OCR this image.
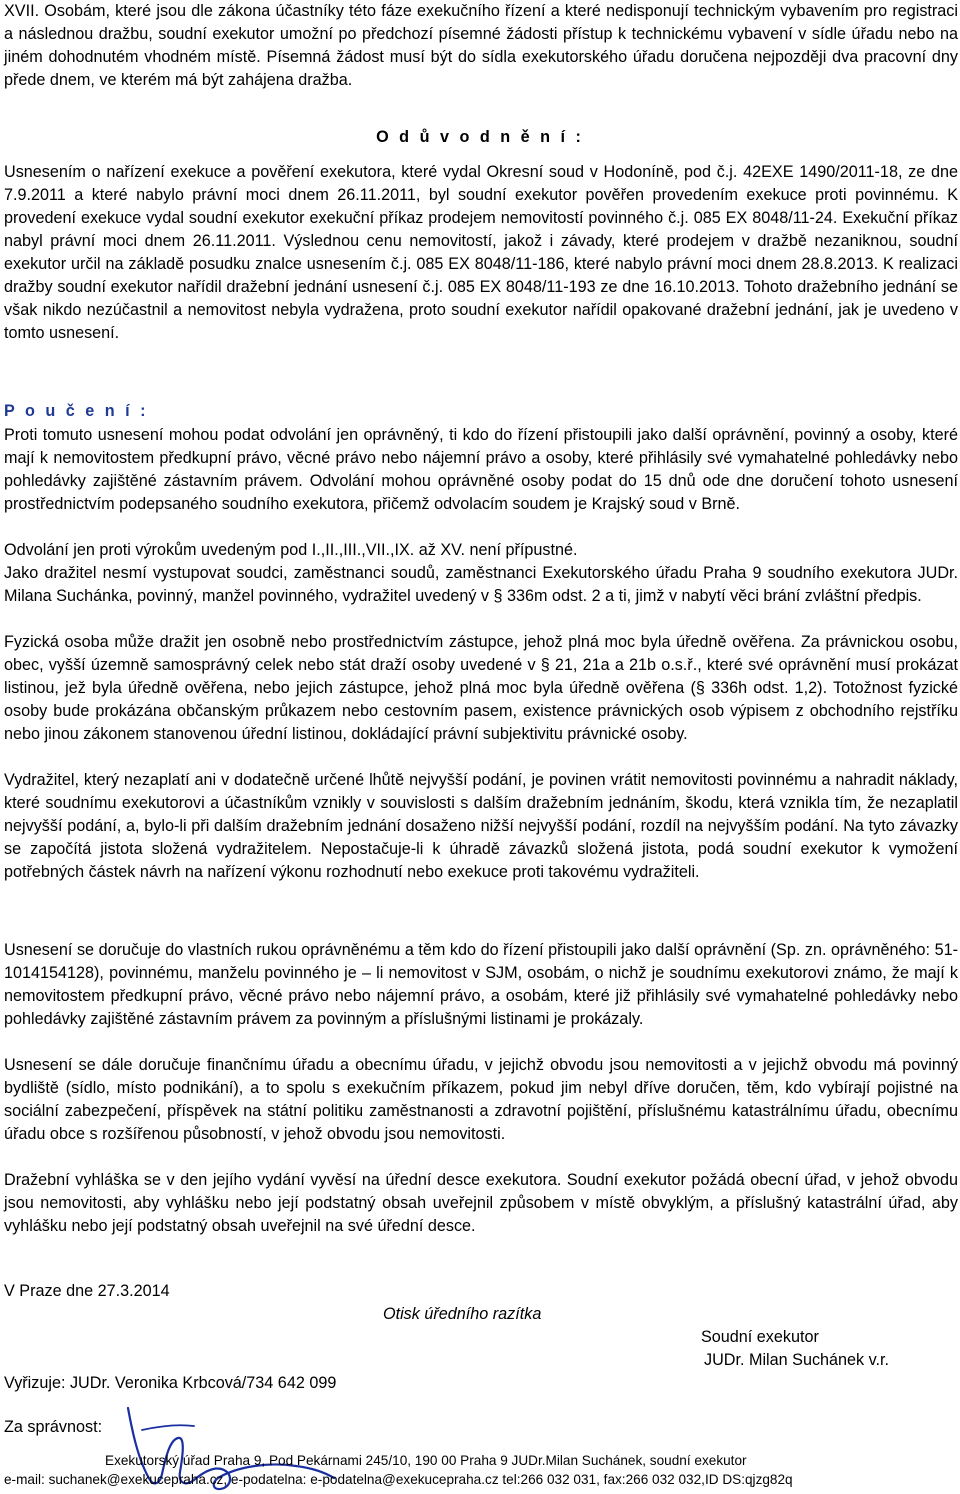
XVII. Osobám, které jsou dle zákona účastníky této fáze exekučního řízení a které nedisponují technickým vybavením pro registraci a následnou dražbu, soudní exekutor umožní po předchozí písemné žádosti přístup k technickému vybavení v sídle úřadu nebo na jiném dohodnutém vhodném místě. Písemná žádost musí být do sídla exekutorského úřadu doručena nejpozději dva pracovní dny přede dnem, ve kterém má být zahájena dražba.

O d ů v o d n ě n í :

Usnesením o nařízení exekuce a pověření exekutora, které vydal Okresní soud v Hodoníně, pod č.j. 42EXE 1490/2011-18, ze dne 7.9.2011 a které nabylo právní moci dnem 26.11.2011, byl soudní exekutor pověřen provedením exekuce proti povinnému. K provedení exekuce vydal soudní exekutor exekuční příkaz prodejem nemovitostí povinného č.j. 085 EX 8048/11-24. Exekuční příkaz nabyl právní moci dnem 26.11.2011. Výslednou cenu nemovitostí, jakož i závady, které prodejem v dražbě nezaniknou, soudní exekutor určil na základě posudku znalce usnesením č.j. 085 EX 8048/11-186, které nabylo právní moci dnem 28.8.2013. K realizaci dražby soudní exekutor nařídil dražební jednání usnesení č.j. 085 EX 8048/11-193 ze dne 16.10.2013. Tohoto dražebního jednání se však nikdo nezúčastnil a nemovitost nebyla vydražena, proto soudní exekutor nařídil opakované dražební jednání, jak je uvedeno v tomto usnesení.

P o u č e n í :

Proti tomuto usnesení mohou podat odvolání jen oprávněný, ti kdo do řízení přistoupili jako další oprávnění, povinný a osoby, které mají k nemovitostem předkupní právo, věcné právo nebo nájemní právo a osoby, které přihlásily své vymahatelné pohledávky nebo pohledávky zajištěné zástavním právem. Odvolání mohou oprávněné osoby podat do 15 dnů ode dne doručení tohoto usnesení prostřednictvím podepsaného soudního exekutora, přičemž odvolacím soudem je Krajský soud v Brně.

Odvolání jen proti výrokům uvedeným pod I.,II.,III.,VII.,IX. až XV. není přípustné.

Jako dražitel nesmí vystupovat soudci, zaměstnanci soudů, zaměstnanci Exekutorského úřadu Praha 9 soudního exekutora JUDr. Milana Suchánka, povinný, manžel povinného, vydražitel uvedený v § 336m odst. 2 a ti, jimž v nabytí věci brání zvláštní předpis.

Fyzická osoba může dražit jen osobně nebo prostřednictvím zástupce, jehož plná moc byla úředně ověřena. Za právnickou osobu, obec, vyšší územně samosprávný celek nebo stát draží osoby uvedené v § 21, 21a a 21b o.s.ř., které své oprávnění musí prokázat listinou, jež byla úředně ověřena, nebo jejich zástupce, jehož plná moc byla úředně ověřena (§ 336h odst. 1,2). Totožnost fyzické osoby bude prokázána občanským průkazem nebo cestovním pasem, existence právnických osob výpisem z obchodního rejstříku nebo jinou zákonem stanovenou úřední listinou, dokládající právní subjektivitu právnické osoby.

Vydražitel, který nezaplatí ani v dodatečně určené lhůtě nejvyšší podání, je povinen vrátit nemovitosti povinnému a nahradit náklady, které soudnímu exekutorovi a účastníkům vznikly v souvislosti s dalším dražebním jednáním, škodu, která vznikla tím, že nezaplatil nejvyšší podání, a, bylo-li při dalším dražebním jednání dosaženo nižší nejvyšší podání, rozdíl na nejvyšším podání. Na tyto závazky se započítá jistota složená vydražitelem. Nepostačuje-li k úhradě závazků složená jistota, podá soudní exekutor k vymožení potřebných částek návrh na nařízení výkonu rozhodnutí nebo exekuce proti takovému vydražiteli.

Usnesení se doručuje do vlastních rukou oprávněnému a těm kdo do řízení přistoupili jako další oprávnění (Sp. zn. oprávněného: 51-1014154128), povinnému, manželu povinného je – li nemovitost v SJM, osobám, o nichž je soudnímu exekutorovi známo, že mají k nemovitostem předkupní právo, věcné právo nebo nájemní právo, a osobám, které již přihlásily své vymahatelné pohledávky nebo pohledávky zajištěné zástavním právem za povinným a příslušnými listinami je prokázaly.

Usnesení se dále doručuje finančnímu úřadu a obecnímu úřadu, v jejichž obvodu jsou nemovitosti a v jejichž obvodu má povinný bydliště (sídlo, místo podnikání), a to spolu s exekučním příkazem, pokud jim nebyl dříve doručen, těm, kdo vybírají pojistné na sociální zabezpečení, příspěvek na státní politiku zaměstnanosti a zdravotní pojištění, příslušnému katastrálnímu úřadu, obecnímu úřadu obce s rozšířenou působností, v jehož obvodu jsou nemovitosti.

Dražební vyhláška se v den jejího vydání vyvěsí na úřední desce exekutora. Soudní exekutor požádá obecní úřad, v jehož obvodu jsou nemovitosti, aby vyhlášku nebo její podstatný obsah uveřejnil způsobem v místě obvyklým, a příslušný katastrální úřad, aby vyhlášku nebo její podstatný obsah uveřejnil na své úřední desce.

V Praze dne 27.3.2014

Otisk úředního razítka

Soudní exekutor

JUDr. Milan Suchánek v.r.

Vyřizuje: JUDr. Veronika Krbcová/734 642 099

Za správnost:

Exekutorský úřad Praha 9, Pod Pekárnami 245/10, 190 00 Praha 9 JUDr.Milan Suchánek, soudní exekutor

e-mail: suchanek@exekucepraha.cz, e-podatelna: e-podatelna@exekucepraha.cz tel:266 032 031, fax:266 032 032,ID DS:qjzg82q
